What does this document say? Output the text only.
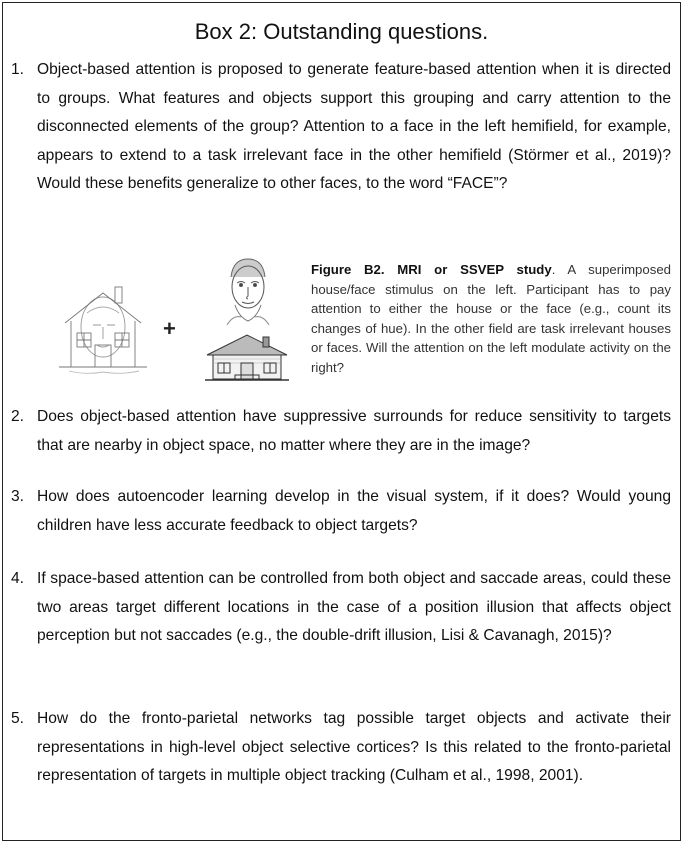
Box 2: Outstanding questions.
1. Object-based attention is proposed to generate feature-based attention when it is directed to groups. What features and objects support this grouping and carry attention to the disconnected elements of the group? Attention to a face in the left hemifield, for example, appears to extend to a task irrelevant face in the other hemifield (Störmer et al., 2019)? Would these benefits generalize to other faces, to the word “FACE”?
+
Figure B2. MRI or SSVEP study. A superimposed house/face stimulus on the left. Participant has to pay attention to either the house or the face (e.g., count its changes of hue). In the other field are task irrelevant houses or faces. Will the attention on the left modulate activity on the right?
2. Does object-based attention have suppressive surrounds for reduce sensitivity to targets that are nearby in object space, no matter where they are in the image?
3. How does autoencoder learning develop in the visual system, if it does? Would young children have less accurate feedback to object targets?
4. If space-based attention can be controlled from both object and saccade areas, could these two areas target different locations in the case of a position illusion that affects object perception but not saccades (e.g., the double-drift illusion, Lisi & Cavanagh, 2015)?
5. How do the fronto-parietal networks tag possible target objects and activate their representations in high-level object selective cortices? Is this related to the fronto-parietal representation of targets in multiple object tracking (Culham et al., 1998, 2001).
